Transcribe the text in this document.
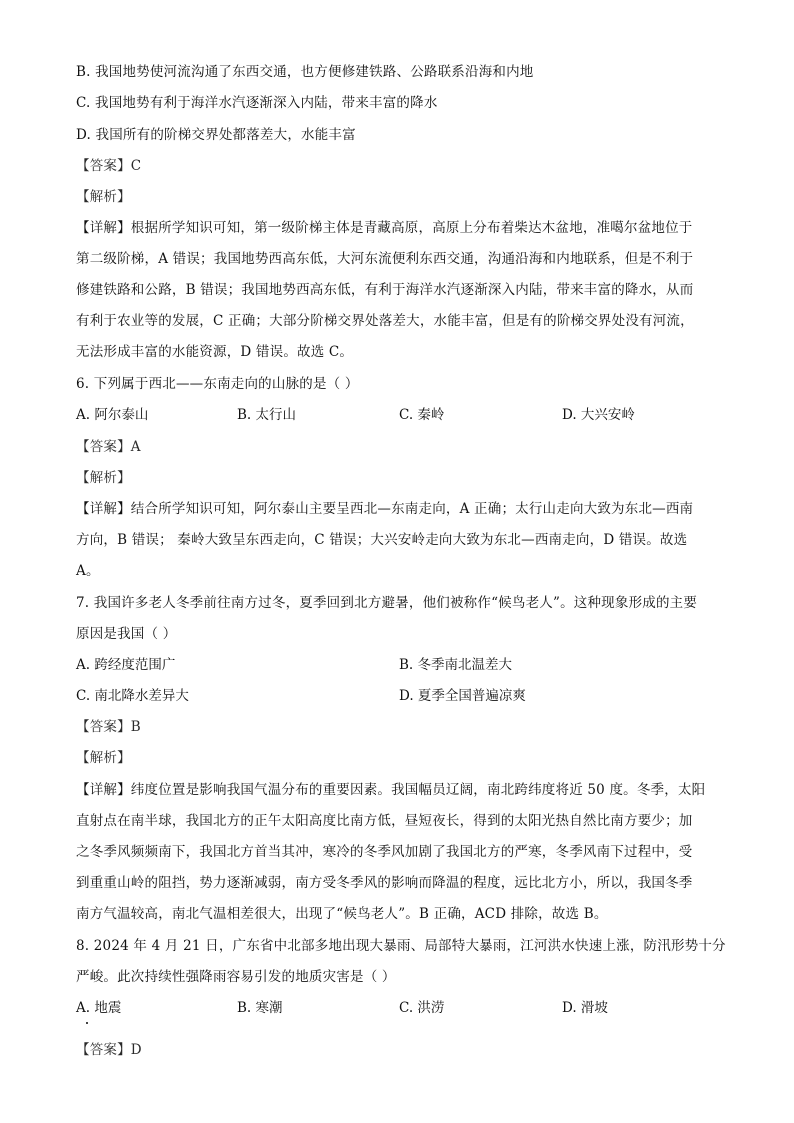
B. 我国地势使河流沟通了东西交通，也方便修建铁路、公路联系沿海和内地
C. 我国地势有利于海洋水汽逐渐深入内陆，带来丰富的降水
D. 我国所有的阶梯交界处都落差大，水能丰富
【答案】C
【解析】
【详解】根据所学知识可知，第一级阶梯主体是青藏高原，高原上分布着柴达木盆地，准噶尔盆地位于
第二级阶梯，A 错误；我国地势西高东低，大河东流便利东西交通，沟通沿海和内地联系，但是不利于
修建铁路和公路，B 错误；我国地势西高东低，有利于海洋水汽逐渐深入内陆，带来丰富的降水，从而
有利于农业等的发展，C 正确；大部分阶梯交界处落差大，水能丰富，但是有的阶梯交界处没有河流，
无法形成丰富的水能资源，D 错误。故选 C。
6. 下列属于西北——东南走向的山脉的是（ ）
A. 阿尔泰山	B. 太行山	C. 秦岭	D. 大兴安岭
【答案】A
【解析】
【详解】结合所学知识可知，阿尔泰山主要呈西北—东南走向，A 正确；太行山走向大致为东北—西南
方向，B 错误； 秦岭大致呈东西走向，C 错误；大兴安岭走向大致为东北—西南走向，D 错误。故选
A。
7. 我国许多老人冬季前往南方过冬，夏季回到北方避暑，他们被称作“候鸟老人”。这种现象形成的主要
原因是我国（ ）
A. 跨经度范围广	B. 冬季南北温差大
C. 南北降水差异大	D. 夏季全国普遍凉爽
【答案】B
【解析】
【详解】纬度位置是影响我国气温分布的重要因素。我国幅员辽阔，南北跨纬度将近 50 度。冬季，太阳
直射点在南半球，我国北方的正午太阳高度比南方低，昼短夜长，得到的太阳光热自然比南方要少；加
之冬季风频频南下，我国北方首当其冲，寒冷的冬季风加剧了我国北方的严寒，冬季风南下过程中，受
到重重山岭的阻挡，势力逐渐减弱，南方受冬季风的影响而降温的程度，远比北方小，所以，我国冬季
南方气温较高，南北气温相差很大，出现了“候鸟老人”。B 正确，ACD 排除，故选 B。
8. 2024 年 4 月 21 日，广东省中北部多地出现大暴雨、局部特大暴雨，江河洪水快速上涨，防汛形势十分
严峻。此次持续性强降雨容易引发的地质灾害是（ ）
A. 地震	B. 寒潮	C. 洪涝	D. 滑坡
【答案】D
